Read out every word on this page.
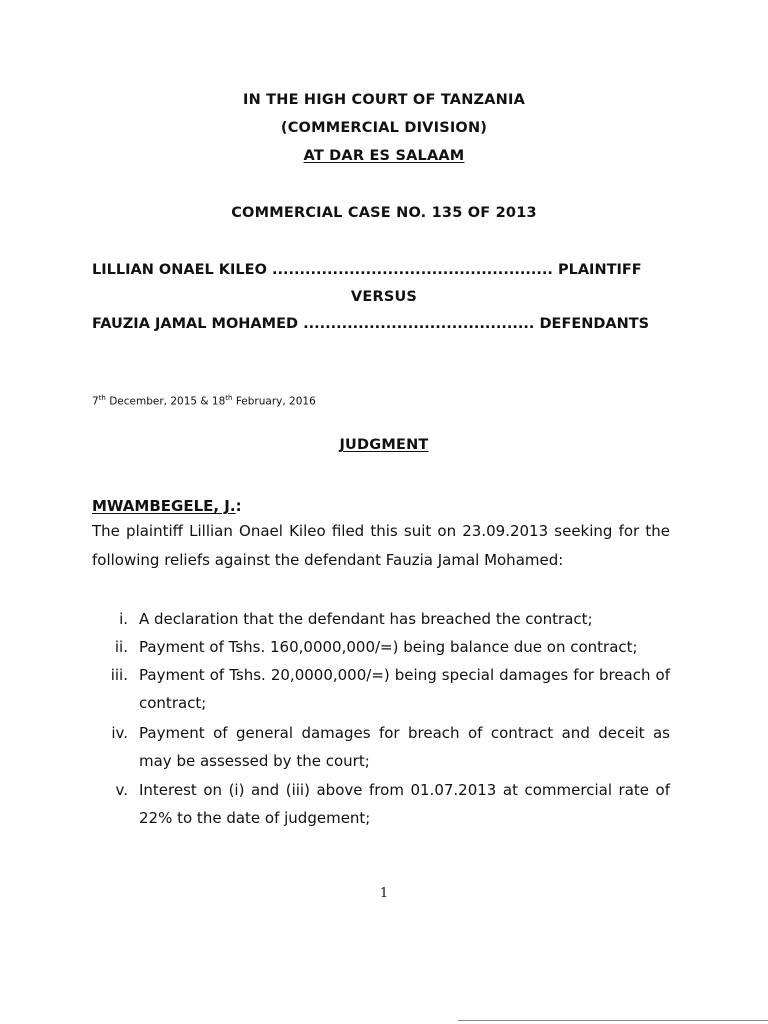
IN THE HIGH COURT OF TANZANIA
(COMMERCIAL DIVISION)
AT DAR ES SALAAM
COMMERCIAL CASE NO. 135 OF 2013
LILLIAN ONAEL KILEO ................................................... PLAINTIFF
VERSUS
FAUZIA JAMAL MOHAMED .......................................... DEFENDANTS
7th December, 2015 & 18th February, 2016
JUDGMENT
MWAMBEGELE, J.:
The plaintiff Lillian Onael Kileo filed this suit on 23.09.2013 seeking for the following reliefs against the defendant Fauzia Jamal Mohamed:
i. A declaration that the defendant has breached the contract;
ii. Payment of Tshs. 160,0000,000/=) being balance due on contract;
iii. Payment of Tshs. 20,0000,000/=) being special damages for breach of contract;
iv. Payment of general damages for breach of contract and deceit as may be assessed by the court;
v. Interest on (i) and (iii) above from 01.07.2013 at commercial rate of 22% to the date of judgement;
1
